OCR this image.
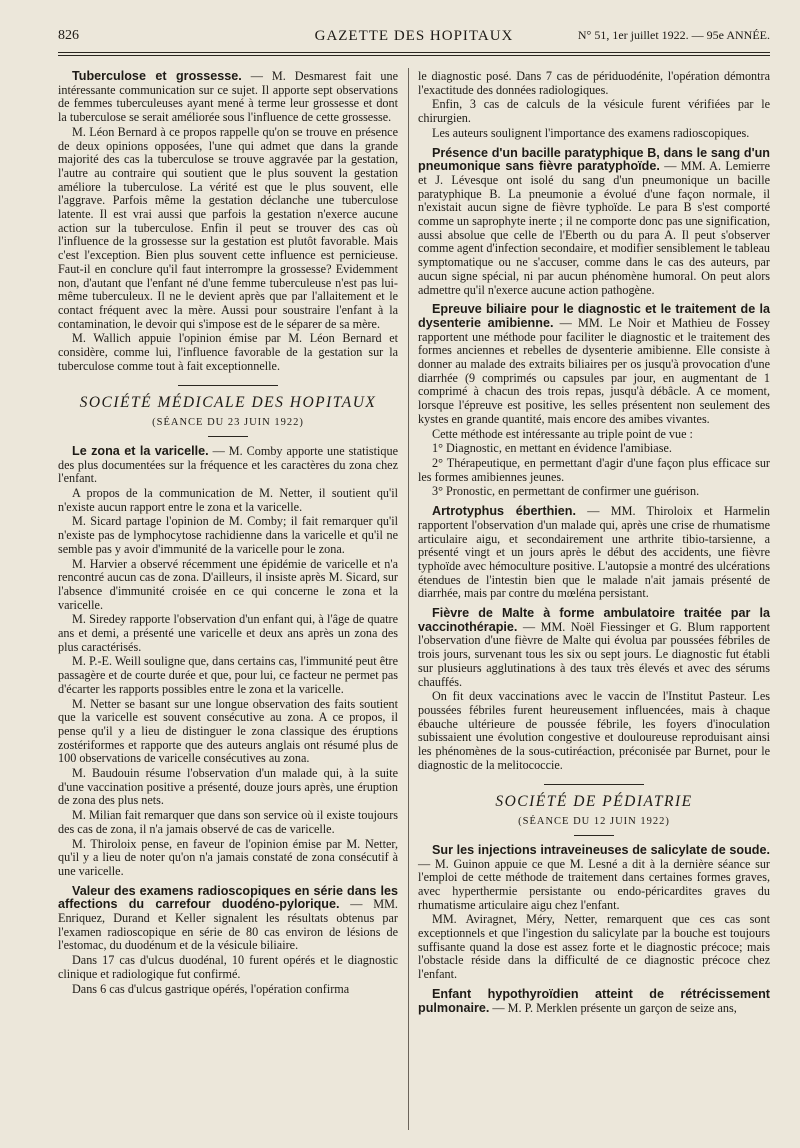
826	GAZETTE DES HOPITAUX	N° 51, 1er juillet 1922. — 95e ANNÉE.

Tuberculose et grossesse. — M. Desmarest fait une intéressante communication sur ce sujet. Il apporte sept observations de femmes tuberculeuses ayant mené à terme leur grossesse et dont la tuberculose se serait améliorée sous l'influence de cette grossesse.

M. Léon Bernard à ce propos rappelle qu'on se trouve en présence de deux opinions opposées, l'une qui admet que dans la grande majorité des cas la tuberculose se trouve aggravée par la gestation, l'autre au contraire qui soutient que le plus souvent la gestation améliore la tuberculose. La vérité est que le plus souvent, elle l'aggrave. Parfois même la gestation déclanche une tuberculose latente. Il est vrai aussi que parfois la gestation n'exerce aucune action sur la tuberculose. Enfin il peut se trouver des cas où l'influence de la grossesse sur la gestation est plutôt favorable. Mais c'est l'exception. Bien plus souvent cette influence est pernicieuse. Faut-il en conclure qu'il faut interrompre la grossesse? Evidemment non, d'autant que l'enfant né d'une femme tuberculeuse n'est pas lui-même tuberculeux. Il ne le devient après que par l'allaitement et le contact fréquent avec la mère. Aussi pour soustraire l'enfant à la contamination, le devoir qui s'impose est de le séparer de sa mère.

M. Wallich appuie l'opinion émise par M. Léon Bernard et considère, comme lui, l'influence favorable de la gestation sur la tuberculose comme tout à fait exceptionnelle.

SOCIÉTÉ MÉDICALE DES HOPITAUX
(SÉANCE DU 23 JUIN 1922)

Le zona et la varicelle. — M. Comby apporte une statistique des plus documentées sur la fréquence et les caractères du zona chez l'enfant.

A propos de la communication de M. Netter, il soutient qu'il n'existe aucun rapport entre le zona et la varicelle.

M. Sicard partage l'opinion de M. Comby; il fait remarquer qu'il n'existe pas de lymphocytose rachidienne dans la varicelle et qu'il ne semble pas y avoir d'immunité de la varicelle pour le zona.

M. Harvier a observé récemment une épidémie de varicelle et n'a rencontré aucun cas de zona. D'ailleurs, il insiste après M. Sicard, sur l'absence d'immunité croisée en ce qui concerne le zona et la varicelle.

M. Siredey rapporte l'observation d'un enfant qui, à l'âge de quatre ans et demi, a présenté une varicelle et deux ans après un zona des plus caractérisés.

M. P.-E. Weill souligne que, dans certains cas, l'immunité peut être passagère et de courte durée et que, pour lui, ce facteur ne permet pas d'écarter les rapports possibles entre le zona et la varicelle.

M. Netter se basant sur une longue observation des faits soutient que la varicelle est souvent consécutive au zona. A ce propos, il pense qu'il y a lieu de distinguer le zona classique des éruptions zostériformes et rapporte que des auteurs anglais ont résumé plus de 100 observations de varicelle consécutives au zona.

M. Baudouin résume l'observation d'un malade qui, à la suite d'une vaccination positive a présenté, douze jours après, une éruption de zona des plus nets.

M. Milian fait remarquer que dans son service où il existe toujours des cas de zona, il n'a jamais observé de cas de varicelle.

M. Thiroloix pense, en faveur de l'opinion émise par M. Netter, qu'il y a lieu de noter qu'on n'a jamais constaté de zona consécutif à une varicelle.

Valeur des examens radioscopiques en série dans les affections du carrefour duodéno-pylorique. — MM. Enriquez, Durand et Keller signalent les résultats obtenus par l'examen radioscopique en série de 80 cas environ de lésions de l'estomac, du duodénum et de la vésicule biliaire.

Dans 17 cas d'ulcus duodénal, 10 furent opérés et le diagnostic clinique et radiologique fut confirmé.

Dans 6 cas d'ulcus gastrique opérés, l'opération confirma

le diagnostic posé. Dans 7 cas de périduodénite, l'opération démontra l'exactitude des données radiologiques.

Enfin, 3 cas de calculs de la vésicule furent vérifiées par le chirurgien.

Les auteurs soulignent l'importance des examens radioscopiques.

Présence d'un bacille paratyphique B, dans le sang d'un pneumonique sans fièvre paratyphoïde. — MM. A. Lemierre et J. Lévesque ont isolé du sang d'un pneumonique un bacille paratyphique B. La pneumonie a évolué d'une façon normale, il n'existait aucun signe de fièvre typhoïde. Le para B s'est comporté comme un saprophyte inerte ; il ne comporte donc pas une signification, aussi absolue que celle de l'Eberth ou du para A. Il peut s'observer comme agent d'infection secondaire, et modifier sensiblement le tableau symptomatique ou ne s'accuser, comme dans le cas des auteurs, par aucun signe spécial, ni par aucun phénomène humoral. On peut alors admettre qu'il n'exerce aucune action pathogène.

Epreuve biliaire pour le diagnostic et le traitement de la dysenterie amibienne. — MM. Le Noir et Mathieu de Fossey rapportent une méthode pour faciliter le diagnostic et le traitement des formes anciennes et rebelles de dysenterie amibienne. Elle consiste à donner au malade des extraits biliaires per os jusqu'à provocation d'une diarrhée (9 comprimés ou capsules par jour, en augmentant de 1 comprimé à chacun des trois repas, jusqu'à débâcle. A ce moment, lorsque l'épreuve est positive, les selles présentent non seulement des kystes en grande quantité, mais encore des amibes vivantes.

Cette méthode est intéressante au triple point de vue :

1° Diagnostic, en mettant en évidence l'amibiase.

2° Thérapeutique, en permettant d'agir d'une façon plus efficace sur les formes amibiennes jeunes.

3° Pronostic, en permettant de confirmer une guérison.

Artrotyphus éberthien. — MM. Thiroloix et Harmelin rapportent l'observation d'un malade qui, après une crise de rhumatisme articulaire aigu, et secondairement une arthrite tibio-tarsienne, a présenté vingt et un jours après le début des accidents, une fièvre typhoïde avec hémoculture positive. L'autopsie a montré des ulcérations étendues de l'intestin bien que le malade n'ait jamais présenté de diarrhée, mais par contre du mœléna persistant.

Fièvre de Malte à forme ambulatoire traitée par la vaccinothérapie. — MM. Noël Fiessinger et G. Blum rapportent l'observation d'une fièvre de Malte qui évolua par poussées fébriles de trois jours, survenant tous les six ou sept jours. Le diagnostic fut établi sur plusieurs agglutinations à des taux très élevés et avec des sérums chauffés.

On fit deux vaccinations avec le vaccin de l'Institut Pasteur. Les poussées fébriles furent heureusement influencées, mais à chaque ébauche ultérieure de poussée fébrile, les foyers d'inoculation subissaient une évolution congestive et douloureuse reproduisant ainsi les phénomènes de la sous-cutiréaction, préconisée par Burnet, pour le diagnostic de la melitococcie.

SOCIÉTÉ DE PÉDIATRIE
(SÉANCE DU 12 JUIN 1922)

Sur les injections intraveineuses de salicylate de soude. — M. Guinon appuie ce que M. Lesné a dit à la dernière séance sur l'emploi de cette méthode de traitement dans certaines formes graves, avec hyperthermie persistante ou endo-péricardites graves du rhumatisme articulaire aigu chez l'enfant.

MM. Aviragnet, Méry, Netter, remarquent que ces cas sont exceptionnels et que l'ingestion du salicylate par la bouche est toujours suffisante quand la dose est assez forte et le diagnostic précoce; mais l'obstacle réside dans la difficulté de ce diagnostic précoce chez l'enfant.

Enfant hypothyroïdien atteint de rétrécissement pulmonaire. — M. P. Merklen présente un garçon de seize ans,
